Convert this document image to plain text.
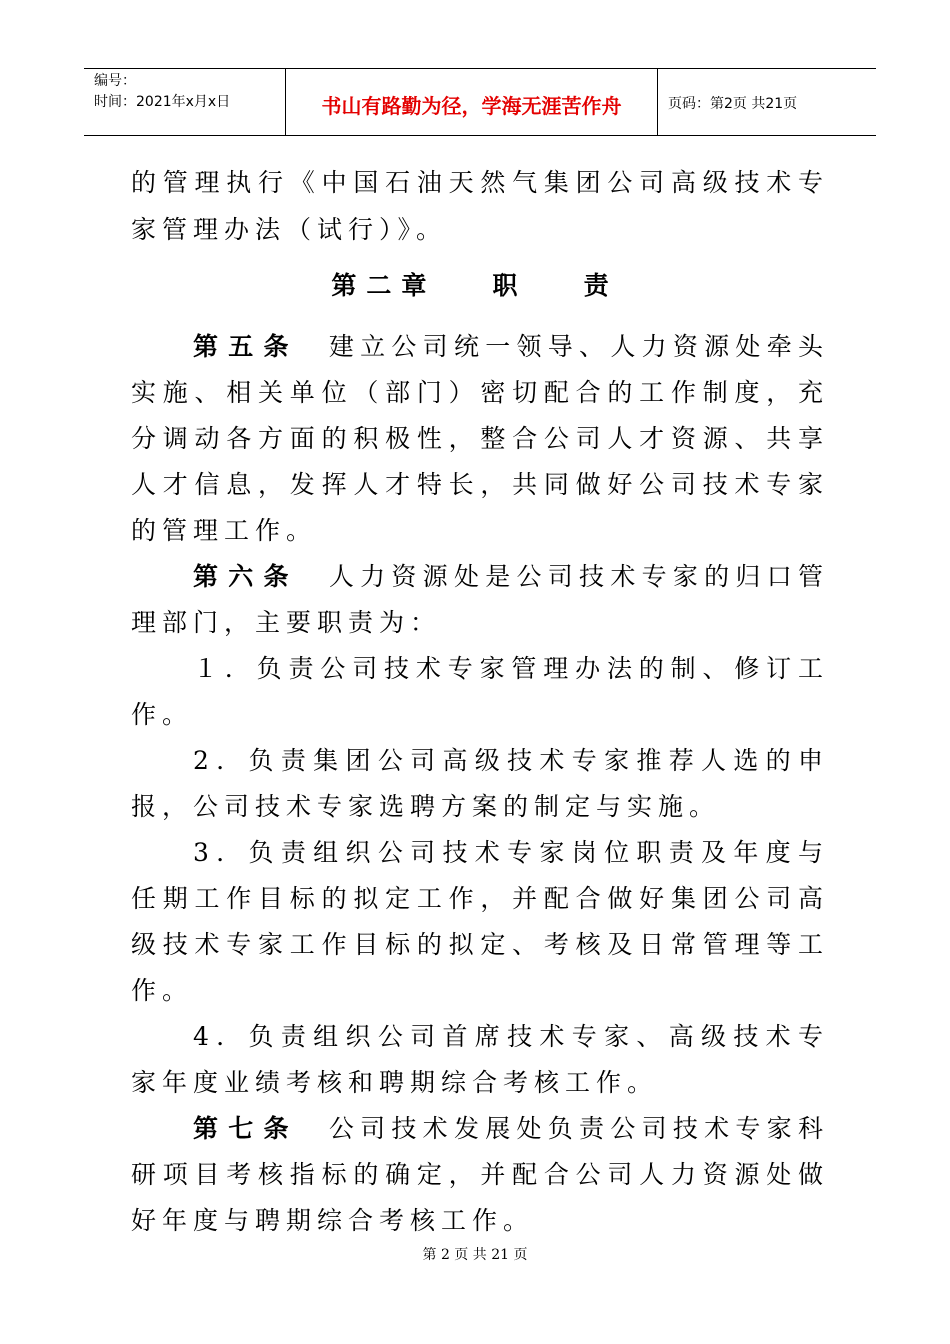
编号：
时间：2021年x月x日	书山有路勤为径，学海无涯苦作舟	页码：第2页 共21页
的管理执行《中国石油天然气集团公司高级技术专
家管理办法（试行）》。
第二章   职   责
第五条 建立公司统一领导、人力资源处牵头
实施、相关单位（部门）密切配合的工作制度，充
分调动各方面的积极性，整合公司人才资源、共享
人才信息，发挥人才特长，共同做好公司技术专家
的管理工作。
第六条 人力资源处是公司技术专家的归口管
理部门，主要职责为：
１．负责公司技术专家管理办法的制、修订工
作。
2．负责集团公司高级技术专家推荐人选的申
报，公司技术专家选聘方案的制定与实施。
3．负责组织公司技术专家岗位职责及年度与
任期工作目标的拟定工作，并配合做好集团公司高
级技术专家工作目标的拟定、考核及日常管理等工
作。
4．负责组织公司首席技术专家、高级技术专
家年度业绩考核和聘期综合考核工作。
第七条 公司技术发展处负责公司技术专家科
研项目考核指标的确定，并配合公司人力资源处做
好年度与聘期综合考核工作。
第 2 页 共 21 页
